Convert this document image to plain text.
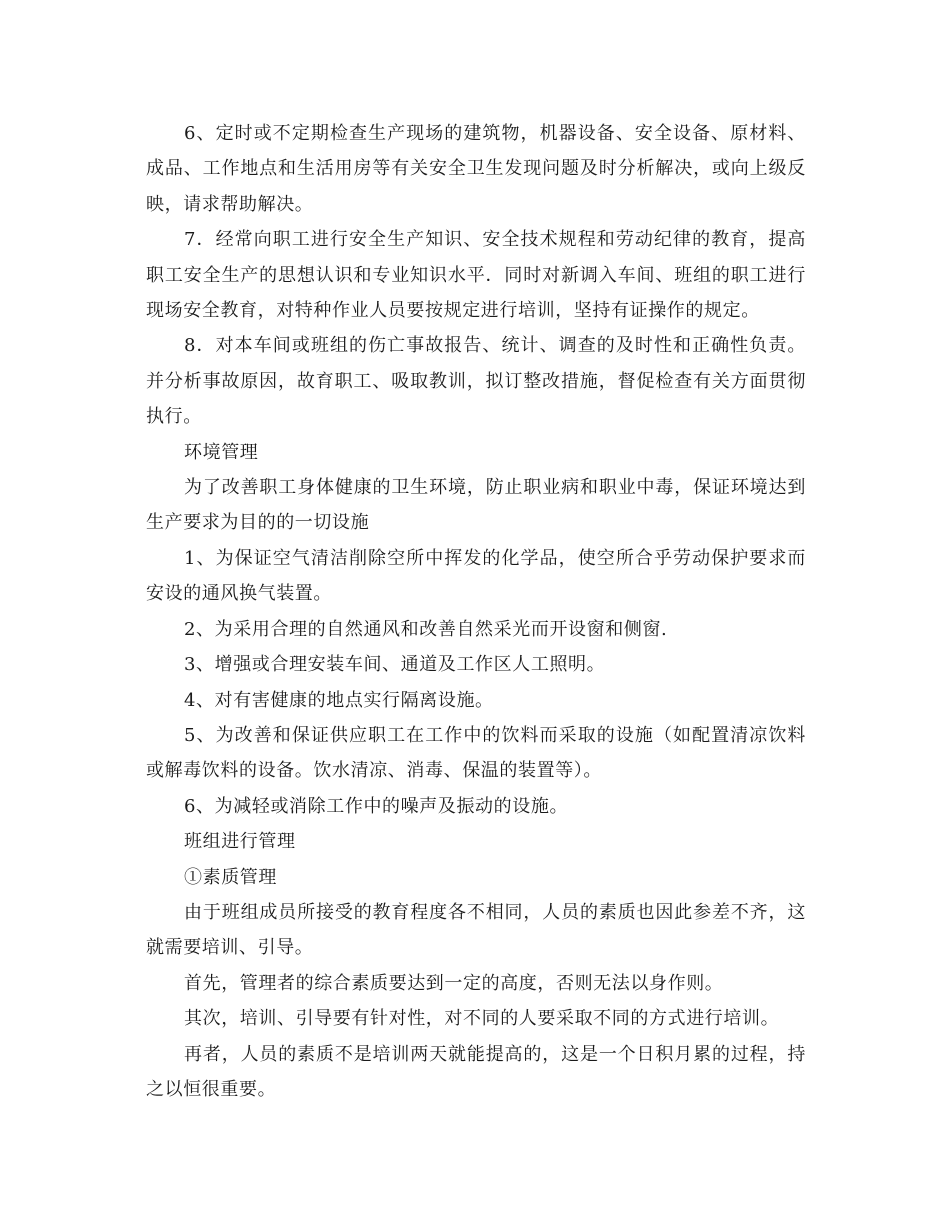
6、定时或不定期检查生产现场的建筑物，机器设备、安全设备、原材料、成品、工作地点和生活用房等有关安全卫生发现问题及时分析解决，或向上级反映，请求帮助解决。

7．经常向职工进行安全生产知识、安全技术规程和劳动纪律的教育，提高职工安全生产的思想认识和专业知识水平．同时对新调入车间、班组的职工进行现场安全教育，对特种作业人员要按规定进行培训，坚持有证操作的规定。

8．对本车间或班组的伤亡事故报告、统计、调查的及时性和正确性负责。并分析事故原因，故育职工、吸取教训，拟订整改措施，督促检查有关方面贯彻执行。

环境管理

为了改善职工身体健康的卫生环境，防止职业病和职业中毒，保证环境达到生产要求为目的的一切设施

1、为保证空气清洁削除空所中挥发的化学品，使空所合乎劳动保护要求而安设的通风换气装置。

2、为采用合理的自然通风和改善自然采光而开设窗和侧窗.

3、增强或合理安装车间、通道及工作区人工照明。

4、对有害健康的地点实行隔离设施。

5、为改善和保证供应职工在工作中的饮料而采取的设施（如配置清凉饮料或解毒饮料的设备。饮水清凉、消毒、保温的装置等）。

6、为减轻或消除工作中的噪声及振动的设施。

班组进行管理

①素质管理

由于班组成员所接受的教育程度各不相同，人员的素质也因此参差不齐，这就需要培训、引导。

首先，管理者的综合素质要达到一定的高度，否则无法以身作则。

其次，培训、引导要有针对性，对不同的人要采取不同的方式进行培训。

再者，人员的素质不是培训两天就能提高的，这是一个日积月累的过程，持之以恒很重要。
